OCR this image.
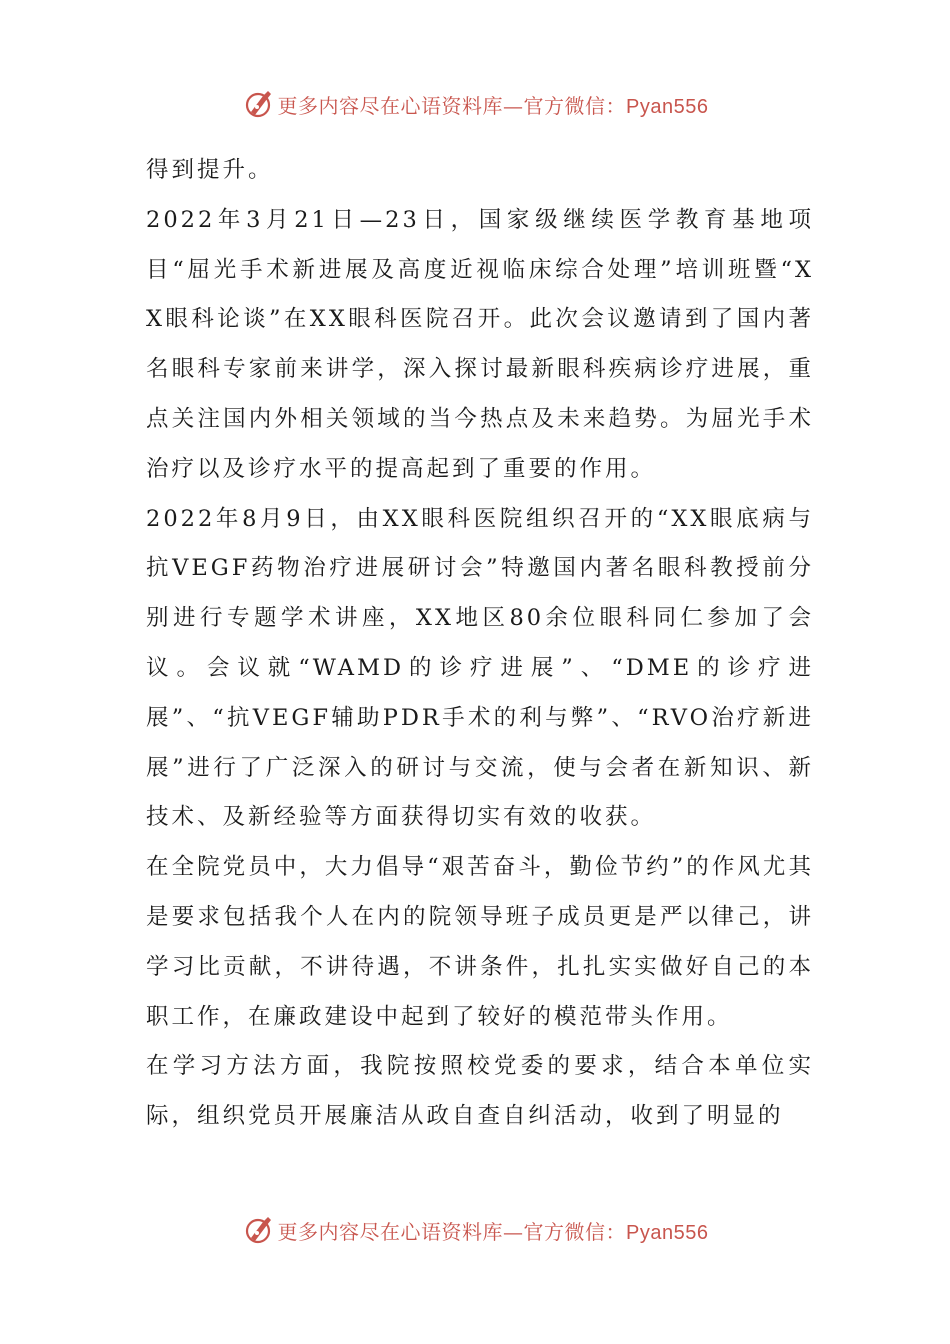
更多内容尽在心语资料库—官方微信：Pyan556

得到提升。

2022年3月21日—23日，国家级继续医学教育基地项目“屈光手术新进展及高度近视临床综合处理”培训班暨“XX眼科论谈”在XX眼科医院召开。此次会议邀请到了国内著名眼科专家前来讲学，深入探讨最新眼科疾病诊疗进展，重点关注国内外相关领域的当今热点及未来趋势。为屈光手术治疗以及诊疗水平的提高起到了重要的作用。

2022年8月9日，由XX眼科医院组织召开的“XX眼底病与抗VEGF药物治疗进展研讨会”特邀国内著名眼科教授前分别进行专题学术讲座，XX地区80余位眼科同仁参加了会议。会议就“WAMD的诊疗进展”、“DME的诊疗进展”、“抗VEGF辅助PDR手术的利与弊”、“RVO治疗新进展”进行了广泛深入的研讨与交流，使与会者在新知识、新技术、及新经验等方面获得切实有效的收获。

在全院党员中，大力倡导“艰苦奋斗，勤俭节约”的作风尤其是要求包括我个人在内的院领导班子成员更是严以律己，讲学习比贡献，不讲待遇，不讲条件，扎扎实实做好自己的本职工作，在廉政建设中起到了较好的模范带头作用。

在学习方法方面，我院按照校党委的要求，结合本单位实际，组织党员开展廉洁从政自查自纠活动，收到了明显的

更多内容尽在心语资料库—官方微信：Pyan556
